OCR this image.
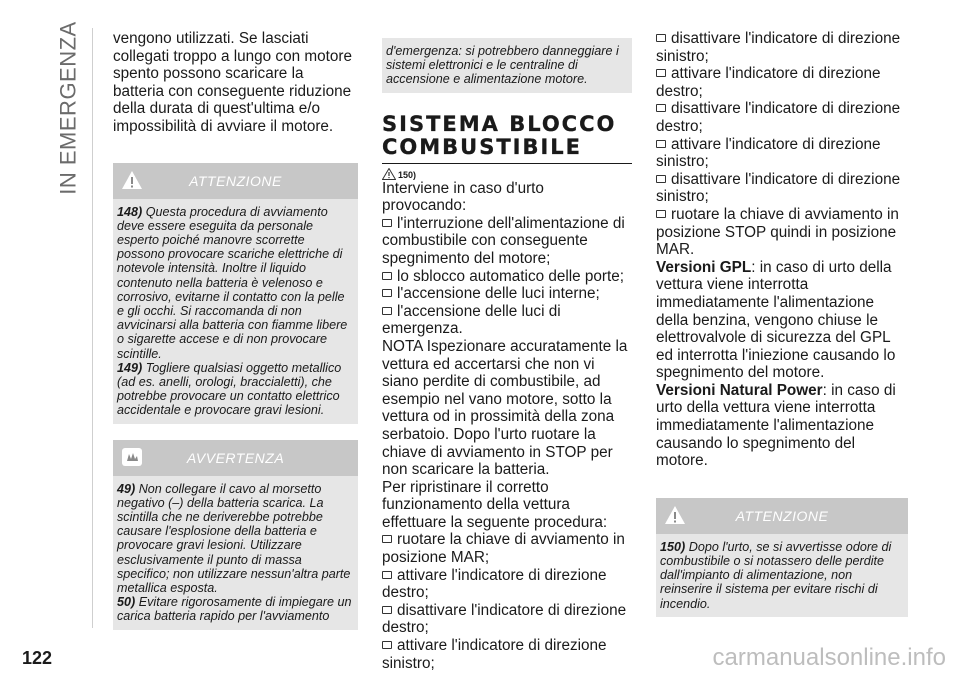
IN EMERGENZA
122	carmanualsonline.info

vengono utilizzati. Se lasciati collegati troppo a lungo con motore spento possono scaricare la batteria con conseguente riduzione della durata di quest'ultima e/o impossibilità di avviare il motore.

ATTENZIONE

148) Questa procedura di avviamento deve essere eseguita da personale esperto poiché manovre scorrette possono provocare scariche elettriche di notevole intensità. Inoltre il liquido contenuto nella batteria è velenoso e corrosivo, evitarne il contatto con la pelle e gli occhi. Si raccomanda di non avvicinarsi alla batteria con fiamme libere o sigarette accese e di non provocare scintille.

149) Togliere qualsiasi oggetto metallico (ad es. anelli, orologi, braccialetti), che potrebbe provocare un contatto elettrico accidentale e provocare gravi lesioni.

AVVERTENZA

49) Non collegare il cavo al morsetto negativo (–) della batteria scarica. La scintilla che ne deriverebbe potrebbe causare l'esplosione della batteria e provocare gravi lesioni. Utilizzare esclusivamente il punto di massa specifico; non utilizzare nessun'altra parte metallica esposta.

50) Evitare rigorosamente di impiegare un carica batteria rapido per l'avviamento

d'emergenza: si potrebbero danneggiare i sistemi elettronici e le centraline di accensione e alimentazione motore.
SISTEMA BLOCCO
COMBUSTIBILE
150)

Interviene in caso d'urto provocando:

l'interruzione dell'alimentazione di combustibile con conseguente spegnimento del motore;

lo sblocco automatico delle porte;

l'accensione delle luci interne;

l'accensione delle luci di emergenza.

NOTA Ispezionare accuratamente la vettura ed accertarsi che non vi siano perdite di combustibile, ad esempio nel vano motore, sotto la vettura od in prossimità della zona serbatoio. Dopo l'urto ruotare la chiave di avviamento in STOP per non scaricare la batteria.

Per ripristinare il corretto funzionamento della vettura effettuare la seguente procedura:

ruotare la chiave di avviamento in posizione MAR;

attivare l'indicatore di direzione destro;

disattivare l'indicatore di direzione destro;

attivare l'indicatore di direzione sinistro;

disattivare l'indicatore di direzione sinistro;

attivare l'indicatore di direzione destro;

disattivare l'indicatore di direzione destro;

attivare l'indicatore di direzione sinistro;

disattivare l'indicatore di direzione sinistro;

ruotare la chiave di avviamento in posizione STOP quindi in posizione MAR.

Versioni GPL: in caso di urto della vettura viene interrotta immediatamente l'alimentazione della benzina, vengono chiuse le elettrovalvole di sicurezza del GPL ed interrotta l'iniezione causando lo spegnimento del motore.

Versioni Natural Power: in caso di urto della vettura viene interrotta immediatamente l'alimentazione causando lo spegnimento del motore.

ATTENZIONE

150) Dopo l'urto, se si avvertisse odore di combustibile o si notassero delle perdite dall'impianto di alimentazione, non reinserire il sistema per evitare rischi di incendio.
